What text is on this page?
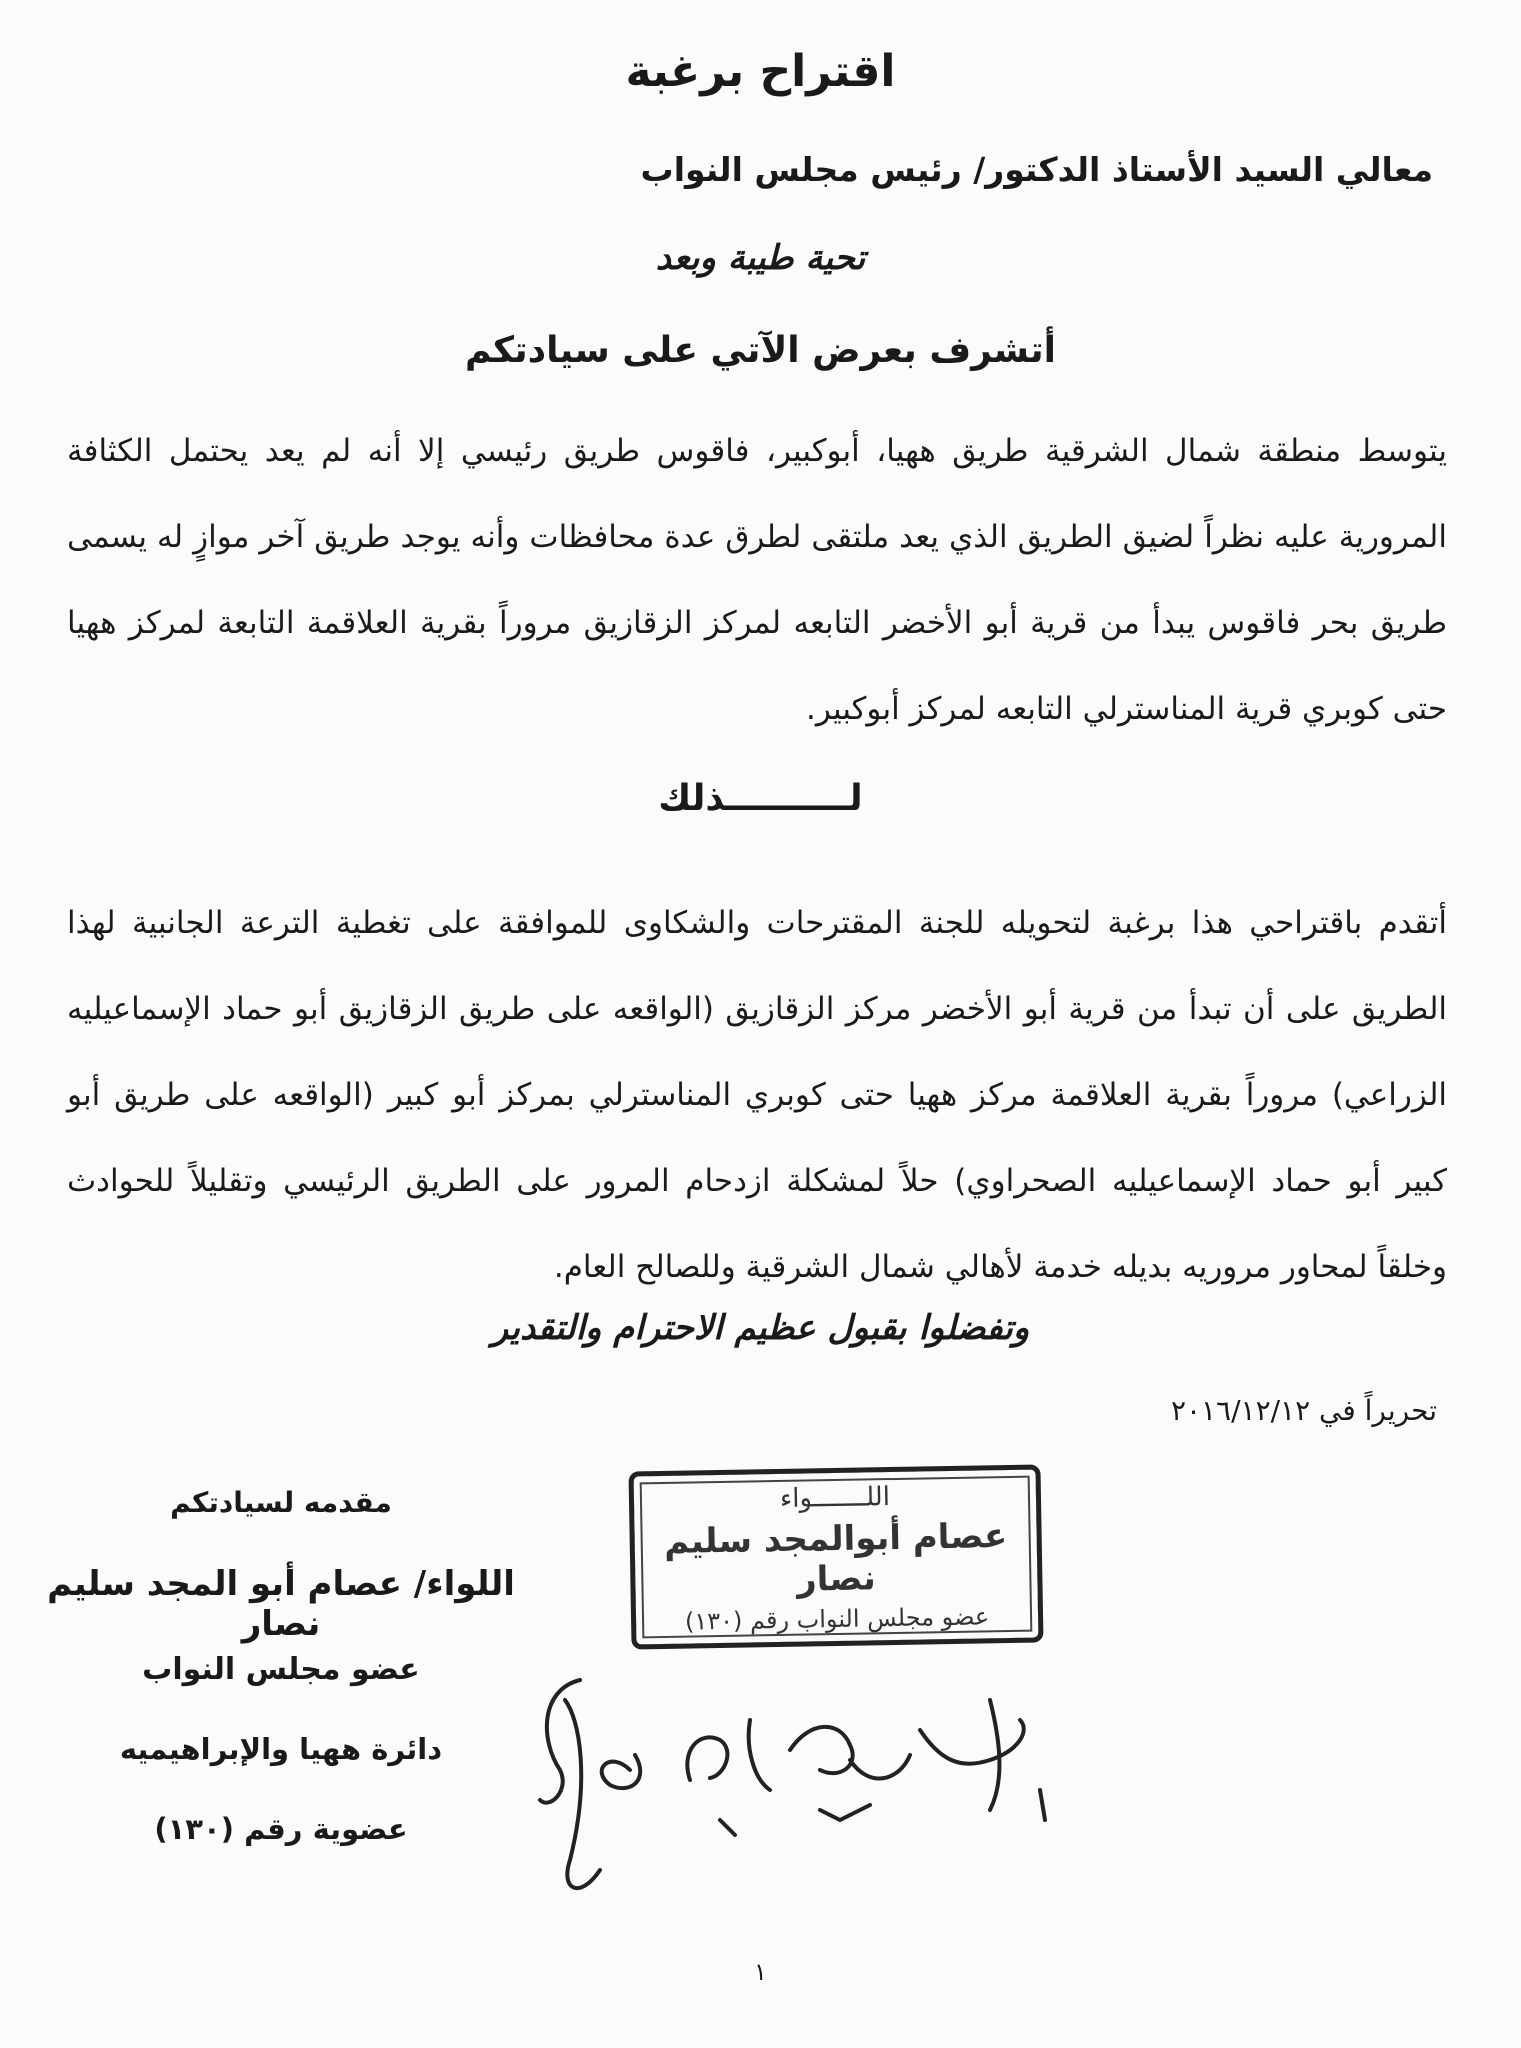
اقتراح برغبة
معالي السيد الأستاذ الدكتور/ رئيس مجلس النواب
تحية طيبة وبعد
أتشرف بعرض الآتي على سيادتكم
يتوسط منطقة شمال الشرقية طريق ههيا، أبوكبير، فاقوس طريق رئيسي إلا أنه لم يعد يحتمل الكثافة المرورية عليه نظراً لضيق الطريق الذي يعد ملتقى لطرق عدة محافظات وأنه يوجد طريق آخر موازٍ له يسمى طريق بحر فاقوس يبدأ من قرية أبو الأخضر التابعه لمركز الزقازيق مروراً بقرية العلاقمة التابعة لمركز ههيا حتى كوبري قرية المناسترلي التابعه لمركز أبوكبير.
لــــــــــذلك
أتقدم باقتراحي هذا برغبة لتحويله للجنة المقترحات والشكاوى للموافقة على تغطية الترعة الجانبية لهذا الطريق على أن تبدأ من قرية أبو الأخضر مركز الزقازيق (الواقعه على طريق الزقازيق أبو حماد الإسماعيليه الزراعي) مروراً بقرية العلاقمة مركز ههيا حتى كوبري المناسترلي بمركز أبو كبير (الواقعه على طريق أبو كبير أبو حماد الإسماعيليه الصحراوي) حلاً لمشكلة ازدحام المرور على الطريق الرئيسي وتقليلاً للحوادث وخلقاً لمحاور مروريه بديله خدمة لأهالي شمال الشرقية وللصالح العام.
وتفضلوا بقبول عظيم الاحترام والتقدير
تحريراً في ٢٠١٦/١٢/١٢
مقدمه لسيادتكم
اللواء/ عصام أبو المجد سليم نصار
عضو مجلس النواب
دائرة ههيا والإبراهيميه
عضوية رقم (١٣٠)
اللـــــــواء
عصام أبوالمجد سليم نصار
عضو مجلس النواب رقم (١٣٠)
١
